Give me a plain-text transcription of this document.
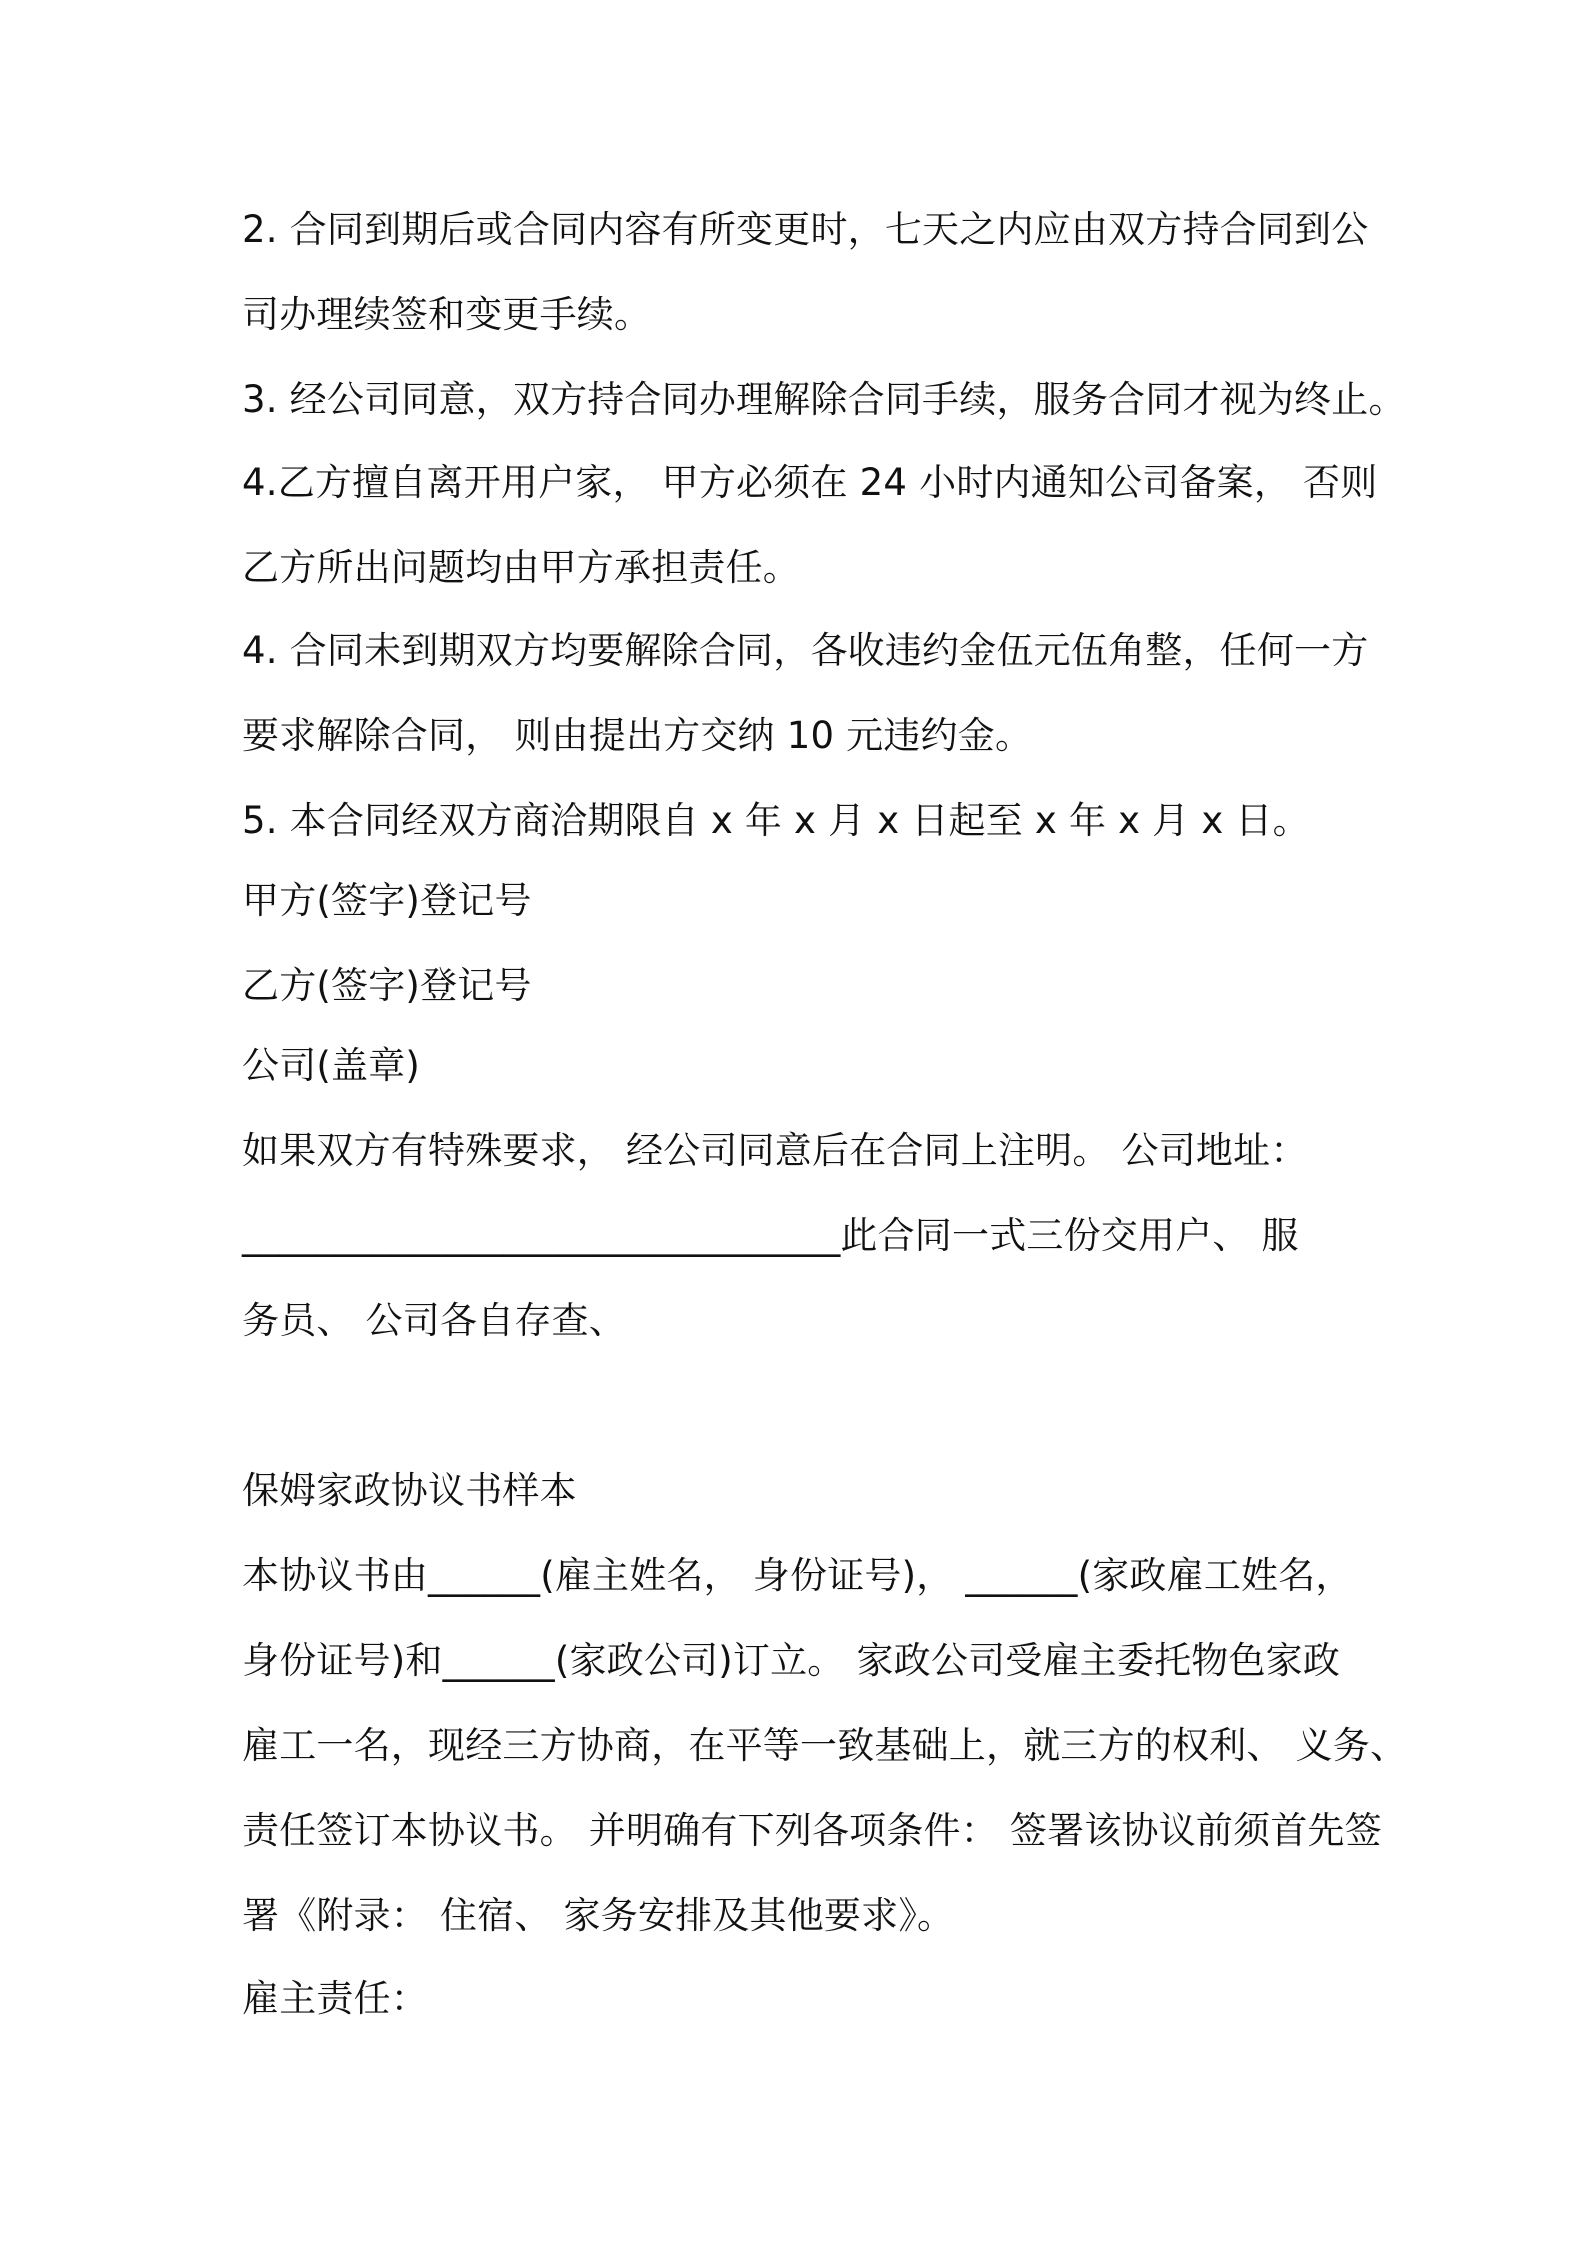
2. 合同到期后或合同内容有所变更时，七天之内应由双方持合同到公
司办理续签和变更手续。
3. 经公司同意，双方持合同办理解除合同手续，服务合同才视为终止。
4.乙方擅自离开用户家， 甲方必须在 24 小时内通知公司备案， 否则
乙方所出问题均由甲方承担责任。
4. 合同未到期双方均要解除合同，各收违约金伍元伍角整，任何一方
要求解除合同， 则由提出方交纳 10 元违约金。
5. 本合同经双方商洽期限自 x 年 x 月 x 日起至 x 年 x 月 x 日。
甲方(签字)登记号
乙方(签字)登记号
公司(盖章)
如果双方有特殊要求， 经公司同意后在合同上注明。 公司地址：
________________________________此合同一式三份交用户、 服
务员、 公司各自存查、
保姆家政协议书样本
本协议书由______(雇主姓名， 身份证号)， ______(家政雇工姓名，
身份证号)和______(家政公司)订立。 家政公司受雇主委托物色家政
雇工一名，现经三方协商，在平等一致基础上，就三方的权利、 义务、
责任签订本协议书。 并明确有下列各项条件： 签署该协议前须首先签
署《附录： 住宿、 家务安排及其他要求》。
雇主责任：
